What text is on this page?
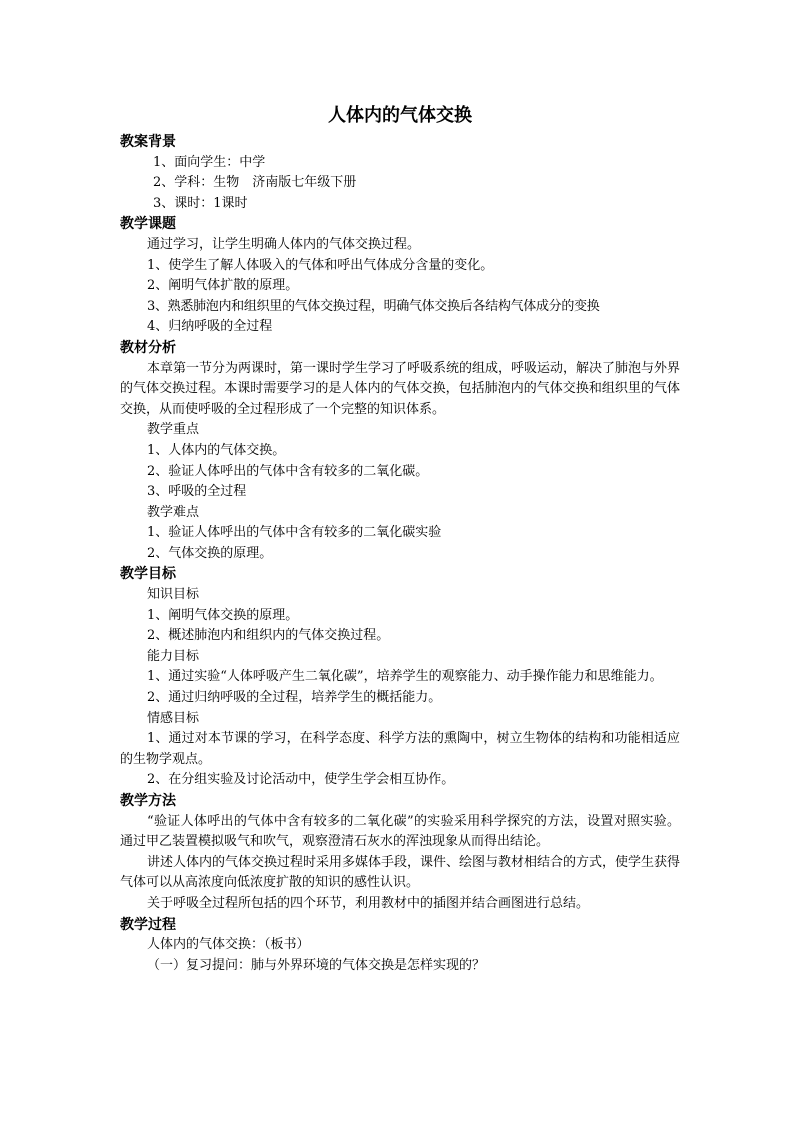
人体内的气体交换

教案背景

1、面向学生：中学

2、学科：生物　济南版七年级下册

3、课时：1课时

教学课题

通过学习，让学生明确人体内的气体交换过程。

1、使学生了解人体吸入的气体和呼出气体成分含量的变化。

2、阐明气体扩散的原理。

3、熟悉肺泡内和组织里的气体交换过程，明确气体交换后各结构气体成分的变换

4、归纳呼吸的全过程

教材分析

本章第一节分为两课时，第一课时学生学习了呼吸系统的组成，呼吸运动，解决了肺泡与外界的气体交换过程。本课时需要学习的是人体内的气体交换，包括肺泡内的气体交换和组织里的气体交换，从而使呼吸的全过程形成了一个完整的知识体系。

教学重点

1、人体内的气体交换。

2、验证人体呼出的气体中含有较多的二氧化碳。

3、呼吸的全过程

教学难点

1、验证人体呼出的气体中含有较多的二氧化碳实验

2、气体交换的原理。

教学目标

知识目标

1、阐明气体交换的原理。

2、概述肺泡内和组织内的气体交换过程。

能力目标

1、通过实验“人体呼吸产生二氧化碳”，培养学生的观察能力、动手操作能力和思维能力。

2、通过归纳呼吸的全过程，培养学生的概括能力。

情感目标

1、通过对本节课的学习，在科学态度、科学方法的熏陶中，树立生物体的结构和功能相适应的生物学观点。

2、在分组实验及讨论活动中，使学生学会相互协作。

教学方法

“验证人体呼出的气体中含有较多的二氧化碳”的实验采用科学探究的方法，设置对照实验。通过甲乙装置模拟吸气和吹气，观察澄清石灰水的浑浊现象从而得出结论。

讲述人体内的气体交换过程时采用多媒体手段，课件、绘图与教材相结合的方式，使学生获得气体可以从高浓度向低浓度扩散的知识的感性认识。

关于呼吸全过程所包括的四个环节，利用教材中的插图并结合画图进行总结。

教学过程

人体内的气体交换：（板书）

（一）复习提问：肺与外界环境的气体交换是怎样实现的？
